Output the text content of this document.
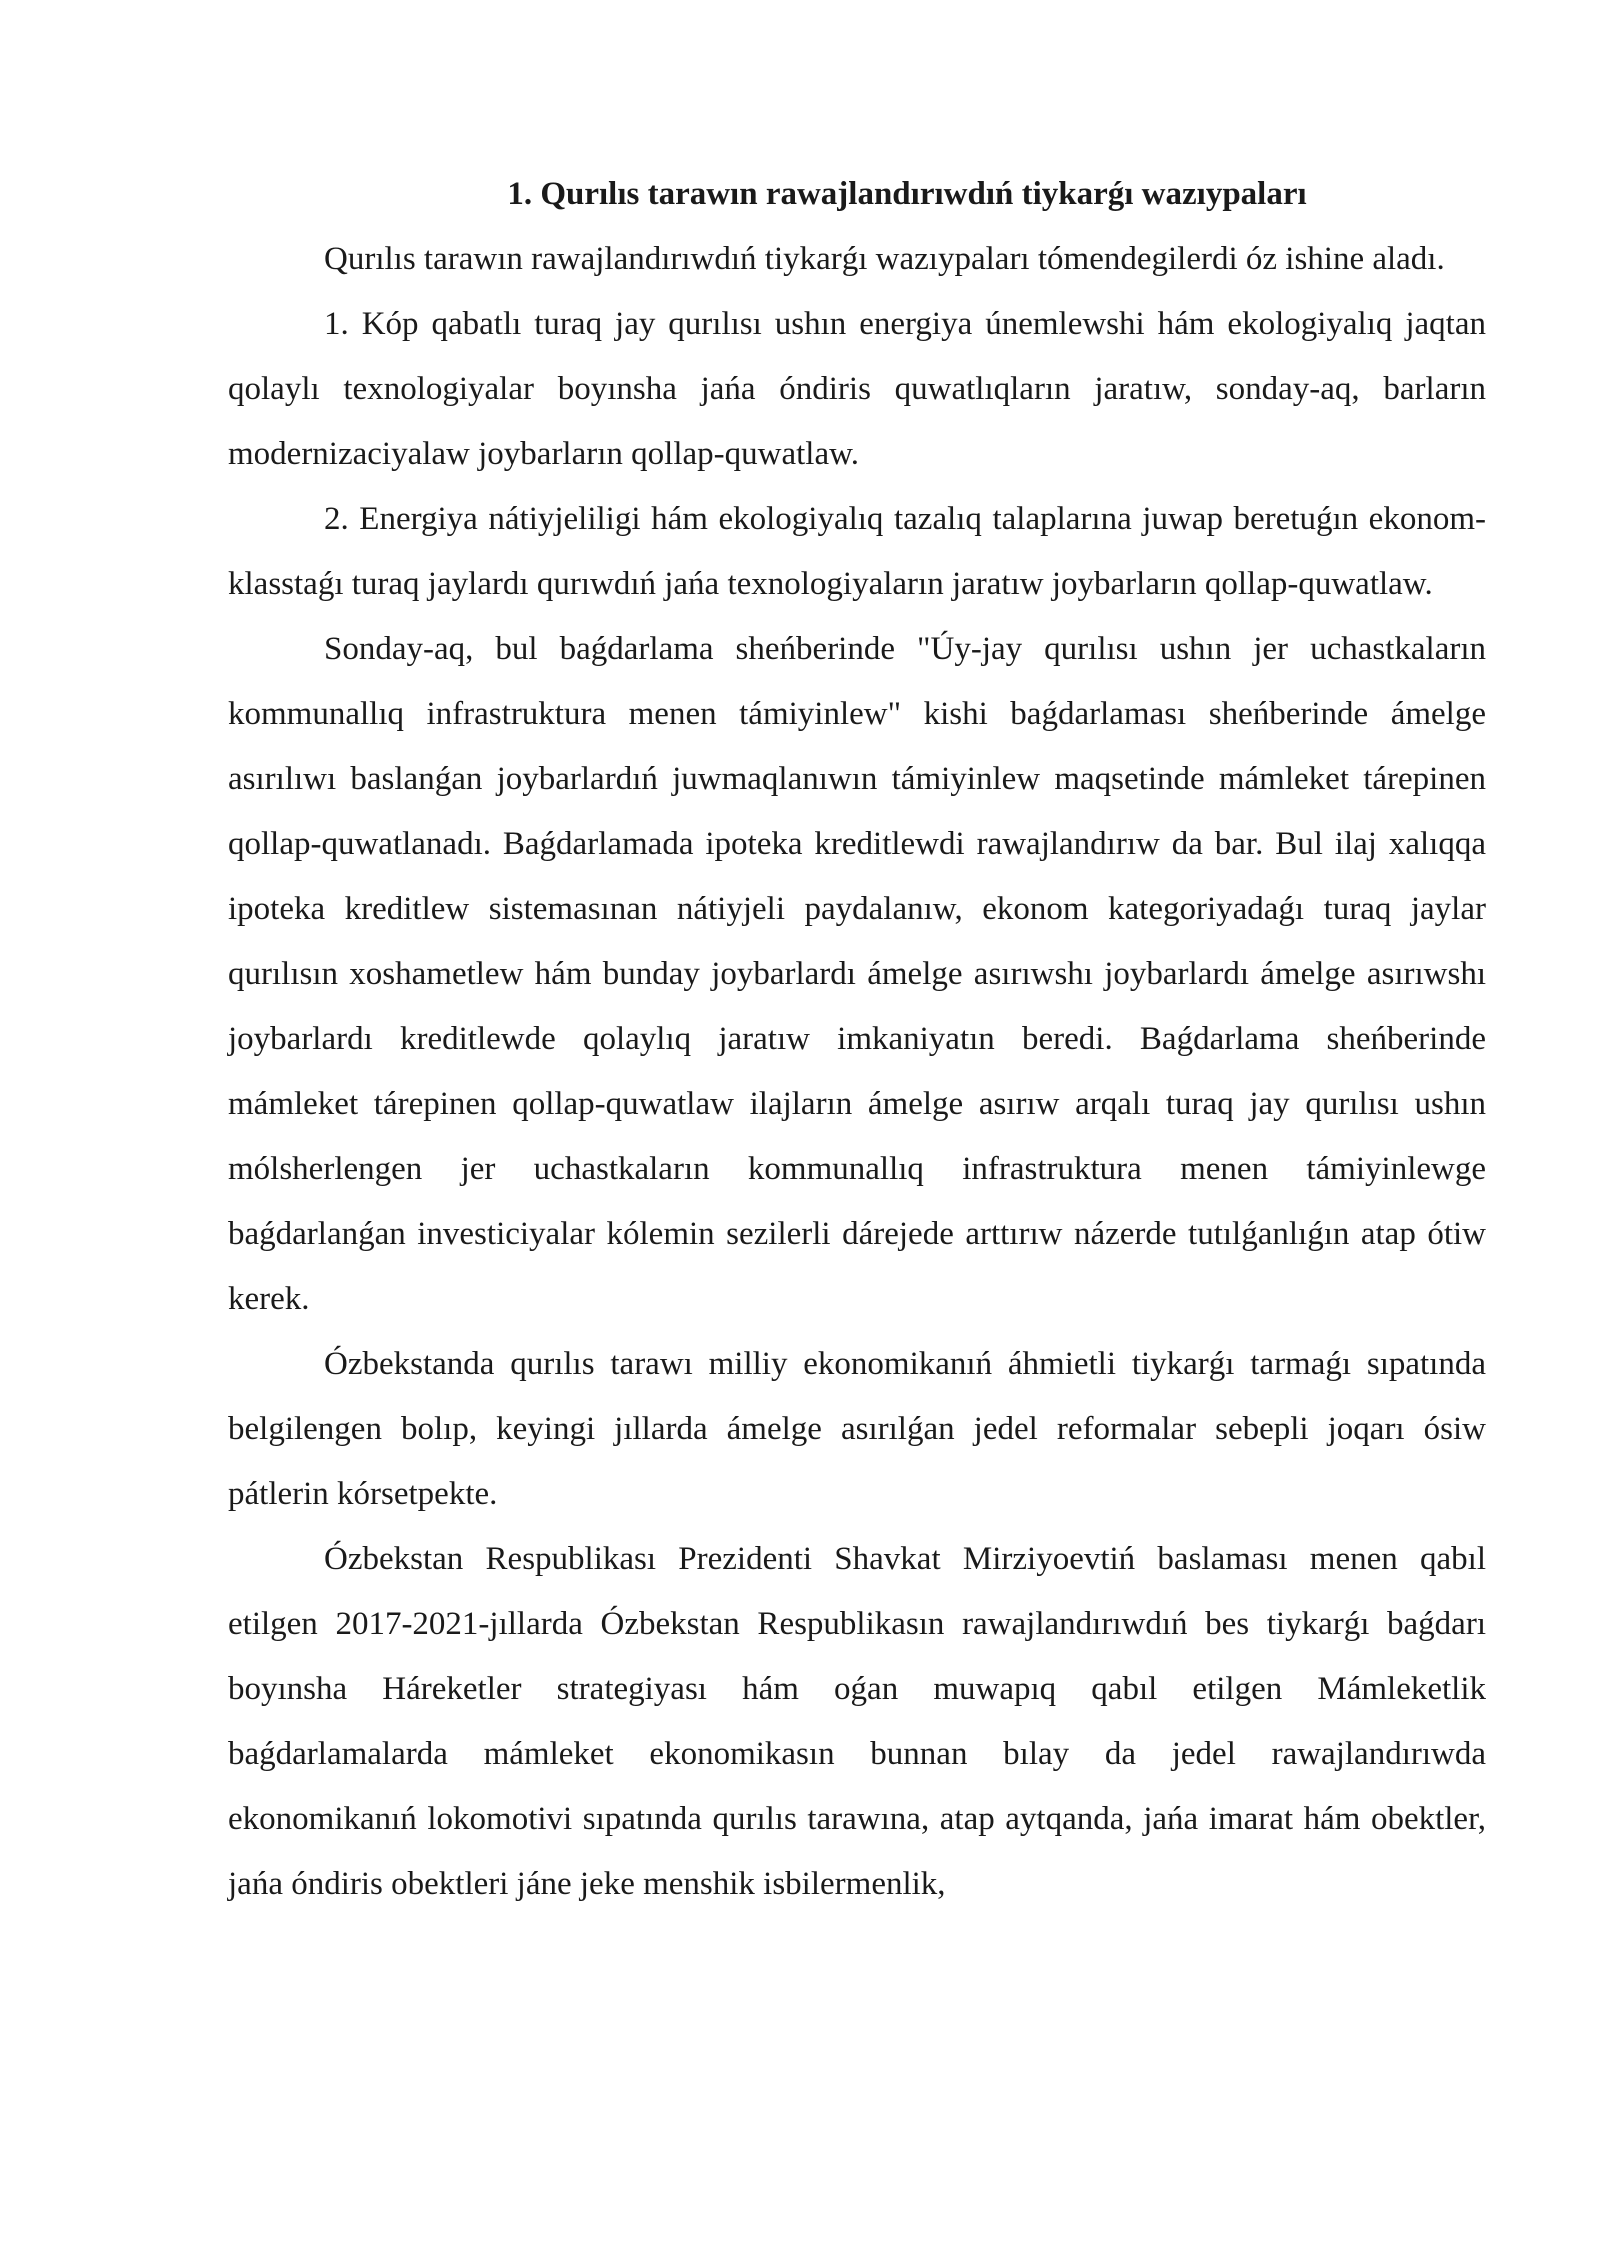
1. Qurılıs tarawın rawajlandırıwdıń tiykarǵı wazıypaları

Qurılıs tarawın rawajlandırıwdıń tiykarǵı wazıypaları tómendegilerdi óz ishine aladı.

1. Kóp qabatlı turaq jay qurılısı ushın energiya únemlewshi hám ekologiyalıq jaqtan qolaylı texnologiyalar boyınsha jańa óndiris quwatlıqların jaratıw, sonday-aq, barların modernizaciyalaw joybarların qollap-quwatlaw.

2. Energiya nátiyjeliligi hám ekologiyalıq tazalıq talaplarına juwap beretuǵın ekonom-klasstaǵı turaq jaylardı qurıwdıń jańa texnologiyaların jaratıw joybarların qollap-quwatlaw.

Sonday-aq, bul baǵdarlama sheńberinde "Úy-jay qurılısı ushın jer uchastkaların kommunallıq infrastruktura menen támiyinlew" kishi baǵdarlaması sheńberinde ámelge asırılıwı baslanǵan joybarlardıń juwmaqlanıwın támiyinlew maqsetinde mámleket tárepinen qollap-quwatlanadı. Baǵdarlamada ipoteka kreditlewdi rawajlandırıw da bar. Bul ilaj xalıqqa ipoteka kreditlew sistemasınan nátiyjeli paydalanıw, ekonom kategoriyadaǵı turaq jaylar qurılısın xoshametlew hám bunday joybarlardı ámelge asırıwshı joybarlardı ámelge asırıwshı joybarlardı kreditlewde qolaylıq jaratıw imkaniyatın beredi. Baǵdarlama sheńberinde mámleket tárepinen qollap-quwatlaw ilajların ámelge asırıw arqalı turaq jay qurılısı ushın mólsherlengen jer uchastkaların kommunallıq infrastruktura menen támiyinlewge baǵdarlanǵan investiciyalar kólemin sezilerli dárejede arttırıw názerde tutılǵanlıǵın atap ótiw kerek.

Ózbekstanda qurılıs tarawı milliy ekonomikanıń áhmietli tiykarǵı tarmaǵı sıpatında belgilengen bolıp, keyingi jıllarda ámelge asırılǵan jedel reformalar sebepli joqarı ósiw pátlerin kórsetpekte.

Ózbekstan Respublikası Prezidenti Shavkat Mirziyoevtiń baslaması menen qabıl etilgen 2017-2021-jıllarda Ózbekstan Respublikasın rawajlandırıwdıń bes tiykarǵı baǵdarı boyınsha Háreketler strategiyası hám oǵan muwapıq qabıl etilgen Mámleketlik baǵdarlamalarda mámleket ekonomikasın bunnan bılay da jedel rawajlandırıwda ekonomikanıń lokomotivi sıpatında qurılıs tarawına, atap aytqanda, jańa imarat hám obektler, jańa óndiris obektleri jáne jeke menshik isbilermenlik,
